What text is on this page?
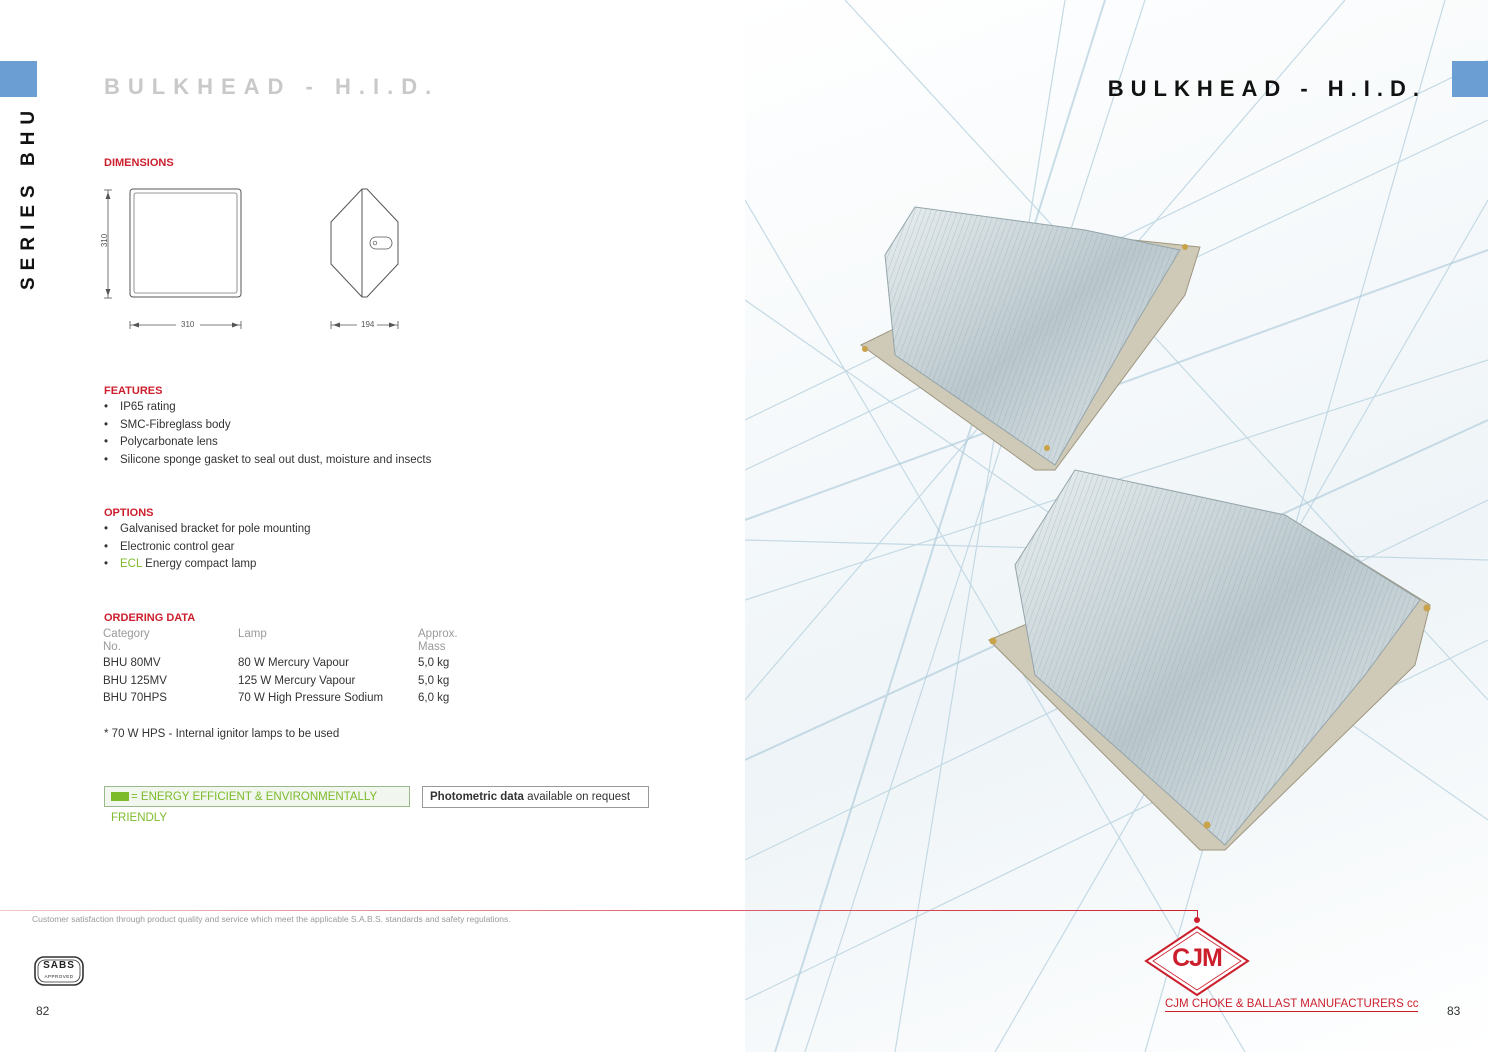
BULKHEAD - H.I.D.
SERIES BHU	DIMENSIONS
310
310	194
FEATURES
• IP65 rating
• SMC-Fibreglass body
• Polycarbonate lens
• Silicone sponge gasket to seal out dust, moisture and insects
OPTIONS
• Galvanised bracket for pole mounting
• Electronic control gear
• ECL Energy compact lamp
ORDERING DATA
Category
No.	Lamp	Approx.
Mass
BHU 80MV	80 W Mercury Vapour	5,0 kg
BHU 125MV	125 W Mercury Vapour	5,0 kg
BHU 70HPS	70 W High Pressure Sodium	6,0 kg
* 70 W HPS - Internal ignitor lamps to be used
= ENERGY EFFICIENT & ENVIRONMENTALLY FRIENDLY
Photometric data available on request
Customer satisfaction through product quality and service which meet the applicable S.A.B.S. standards and safety regulations.
SABS
APPROVED
82
BULKHEAD - H.I.D.
83
CJM
CJM CHOKE & BALLAST MANUFACTURERS cc
